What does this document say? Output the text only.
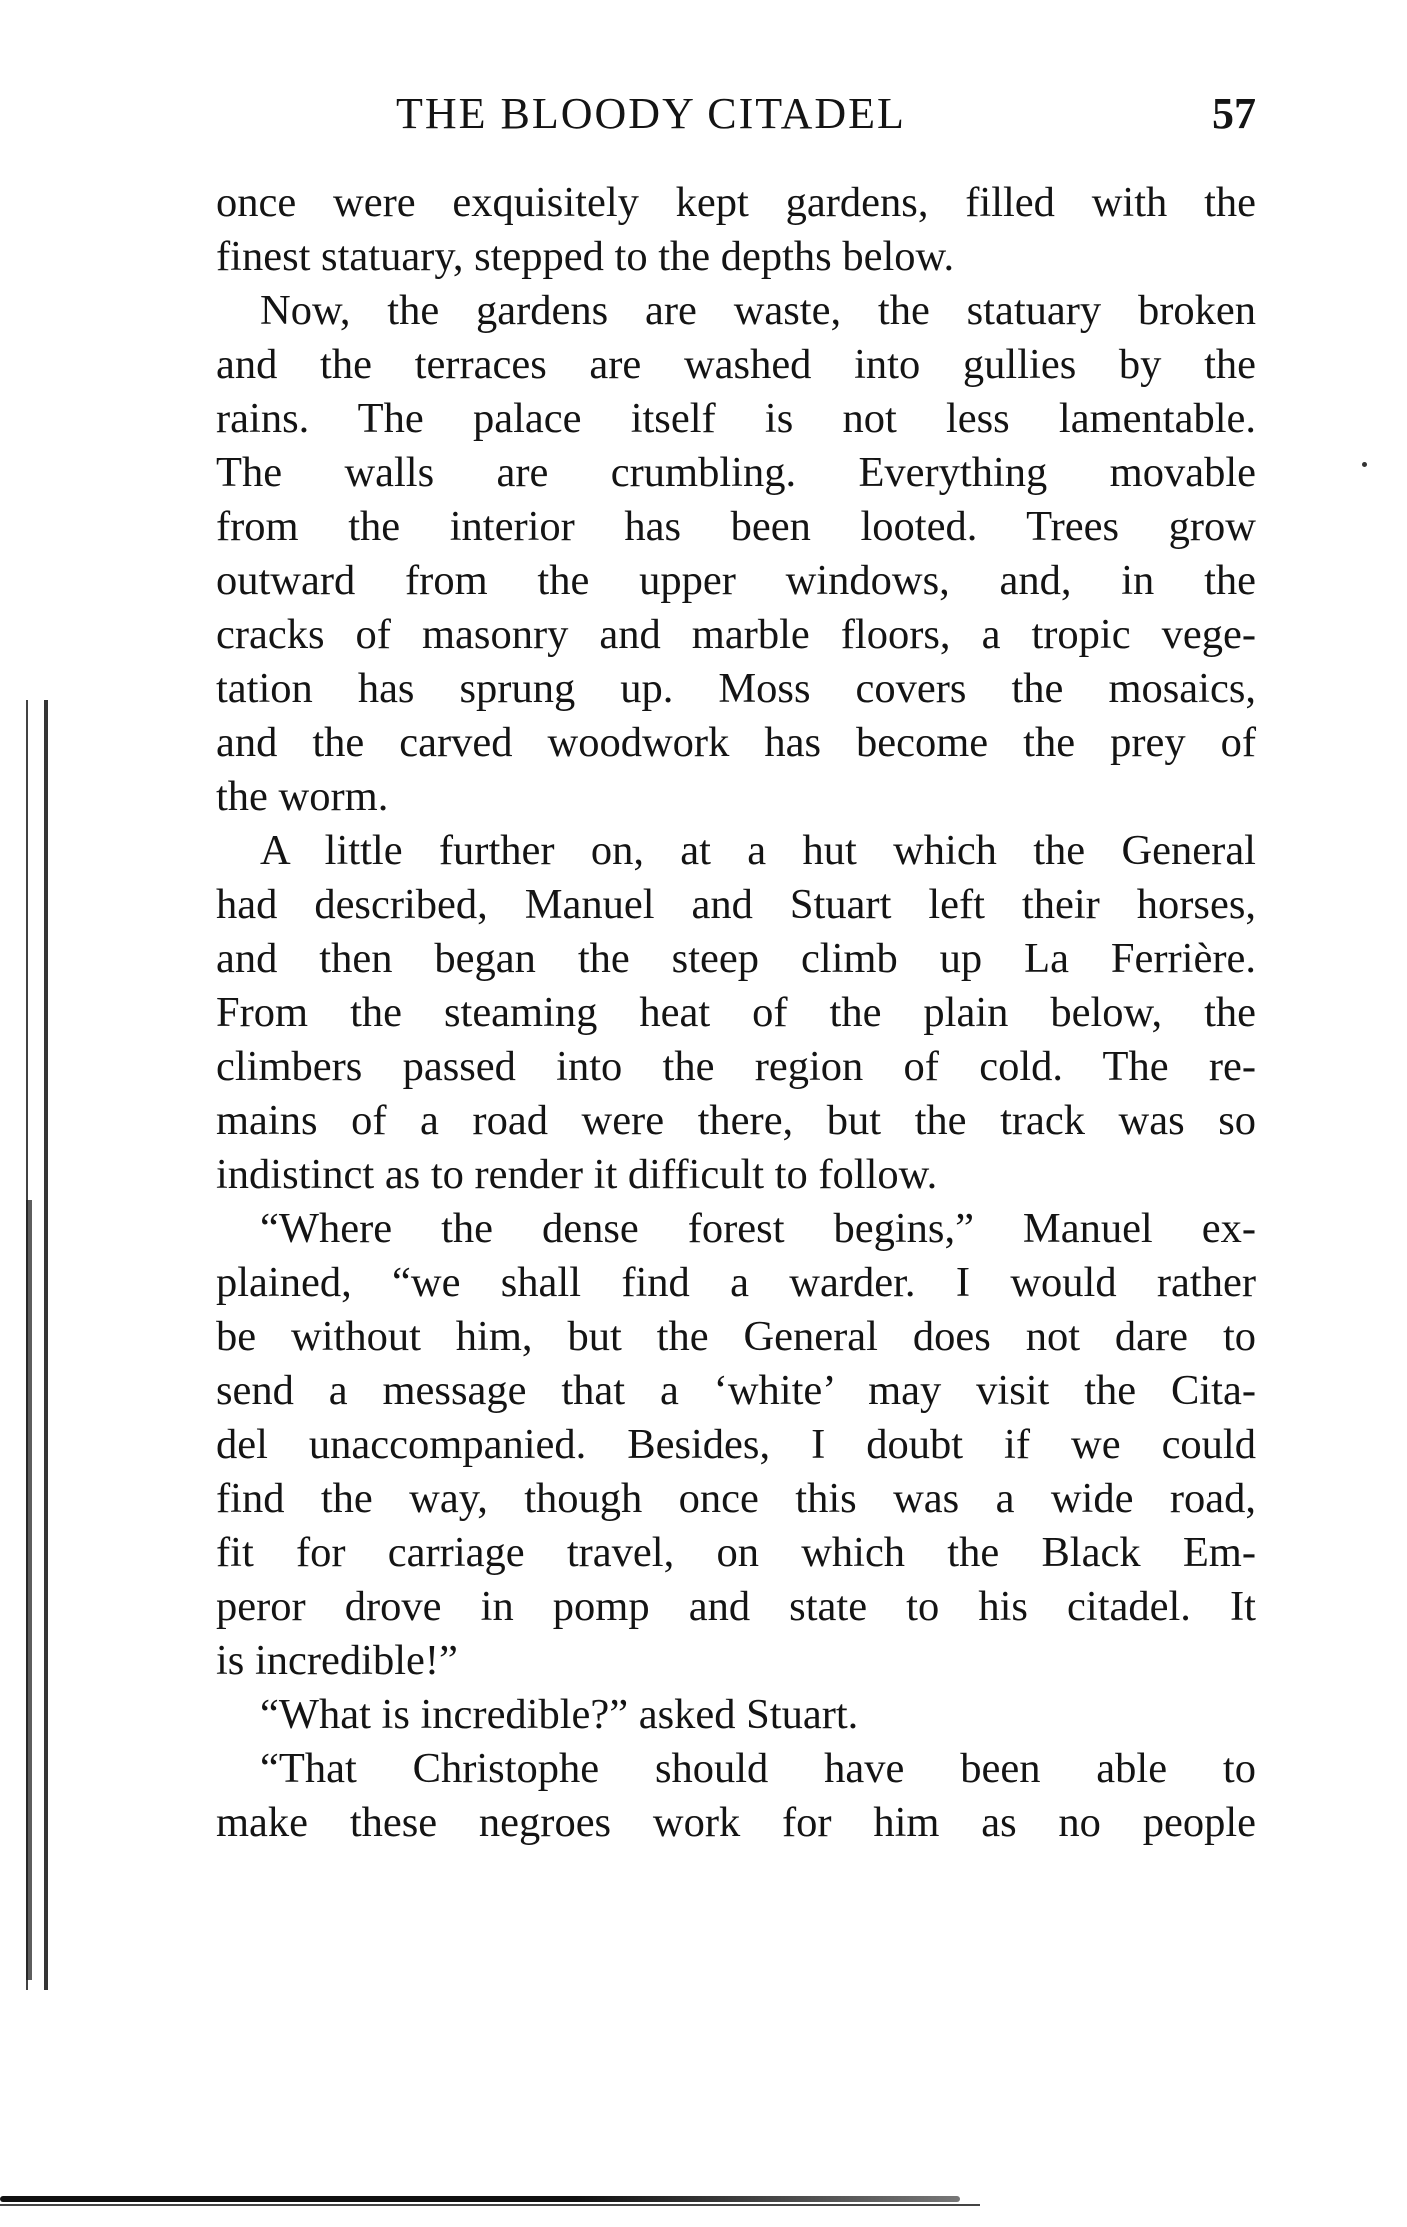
THE BLOODY CITADEL	57
once were exquisitely kept gardens, filled with the
finest statuary, stepped to the depths below.
Now, the gardens are waste, the statuary broken
and the terraces are washed into gullies by the
rains. The palace itself is not less lamentable.
The walls are crumbling. Everything movable
from the interior has been looted. Trees grow
outward from the upper windows, and, in the
cracks of masonry and marble floors, a tropic vege-
tation has sprung up. Moss covers the mosaics,
and the carved woodwork has become the prey of
the worm.
A little further on, at a hut which the General
had described, Manuel and Stuart left their horses,
and then began the steep climb up La Ferrière.
From the steaming heat of the plain below, the
climbers passed into the region of cold. The re-
mains of a road were there, but the track was so
indistinct as to render it difficult to follow.
“Where the dense forest begins,” Manuel ex-
plained, “we shall find a warder. I would rather
be without him, but the General does not dare to
send a message that a ‘white’ may visit the Cita-
del unaccompanied. Besides, I doubt if we could
find the way, though once this was a wide road,
fit for carriage travel, on which the Black Em-
peror drove in pomp and state to his citadel. It
is incredible!”
“What is incredible?” asked Stuart.
“That Christophe should have been able to
make these negroes work for him as no people
